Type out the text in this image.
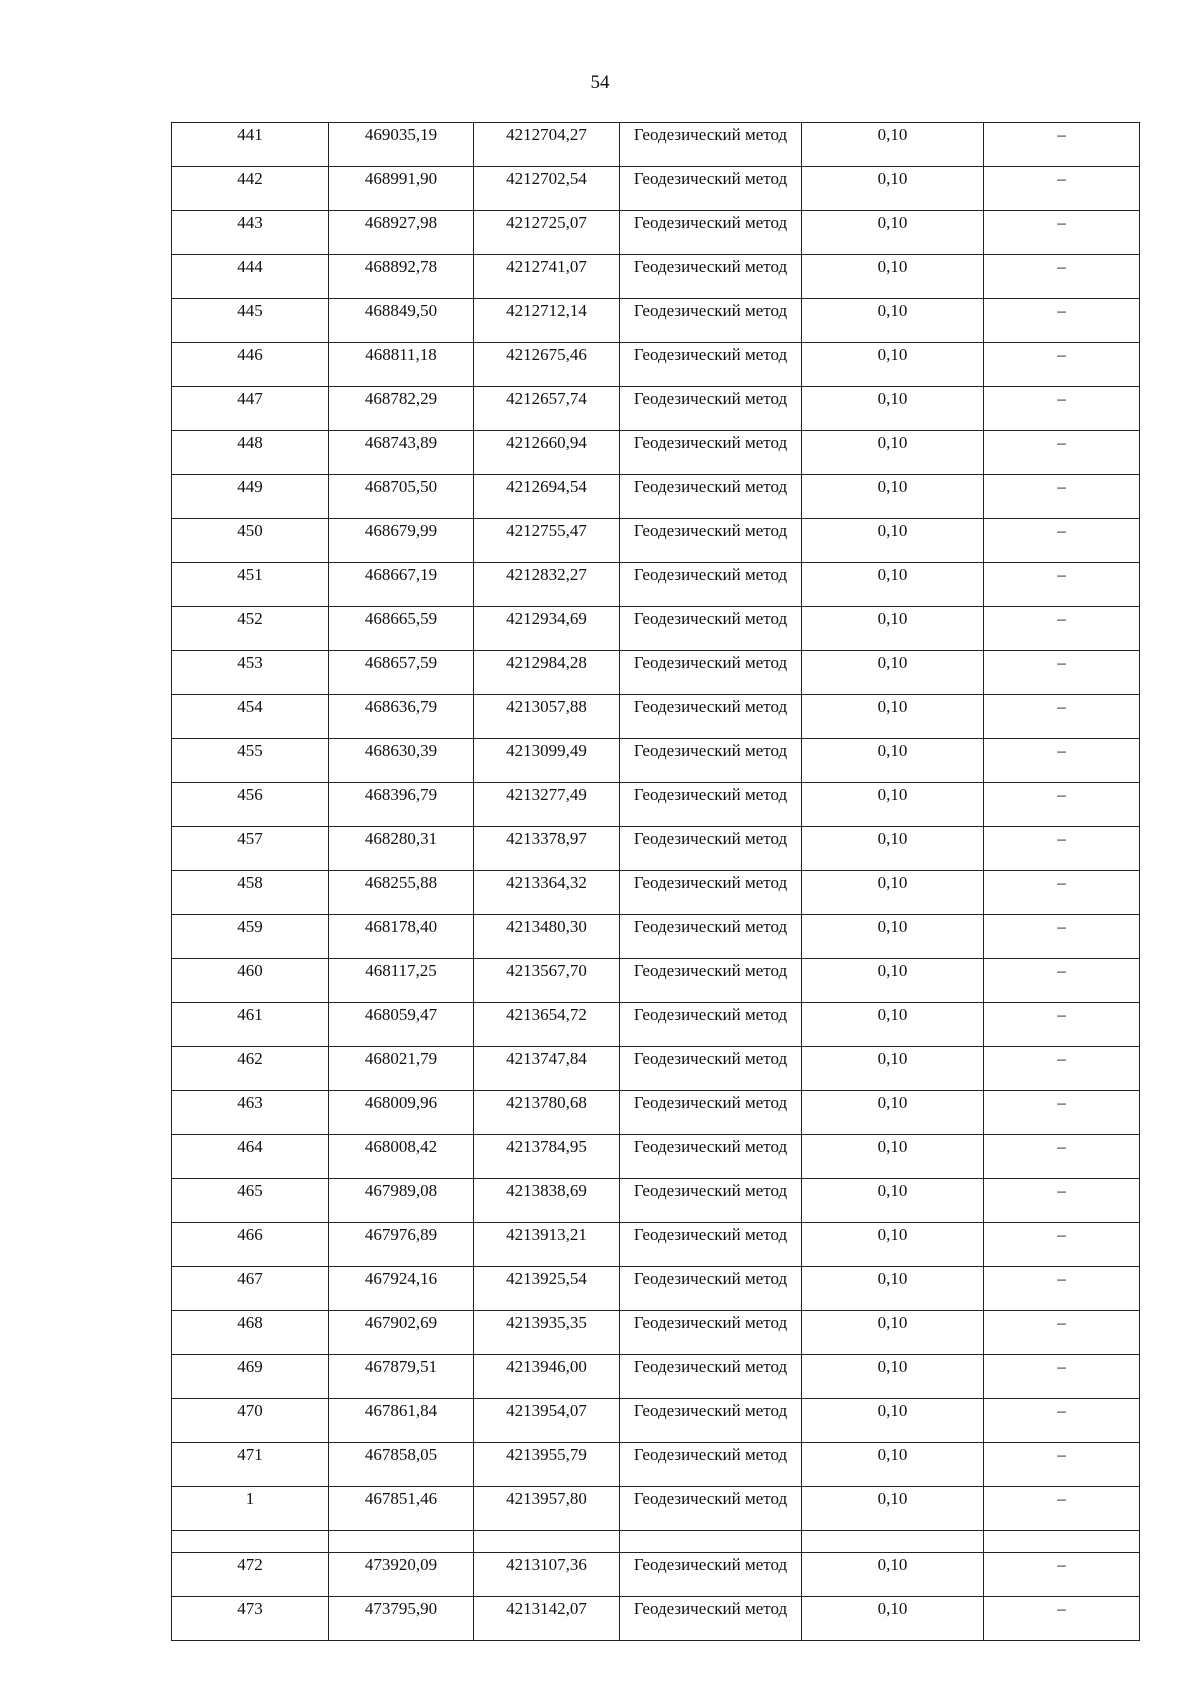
54
441	469035,19	4212704,27	Геодезический метод	0,10	–
442	468991,90	4212702,54	Геодезический метод	0,10	–
443	468927,98	4212725,07	Геодезический метод	0,10	–
444	468892,78	4212741,07	Геодезический метод	0,10	–
445	468849,50	4212712,14	Геодезический метод	0,10	–
446	468811,18	4212675,46	Геодезический метод	0,10	–
447	468782,29	4212657,74	Геодезический метод	0,10	–
448	468743,89	4212660,94	Геодезический метод	0,10	–
449	468705,50	4212694,54	Геодезический метод	0,10	–
450	468679,99	4212755,47	Геодезический метод	0,10	–
451	468667,19	4212832,27	Геодезический метод	0,10	–
452	468665,59	4212934,69	Геодезический метод	0,10	–
453	468657,59	4212984,28	Геодезический метод	0,10	–
454	468636,79	4213057,88	Геодезический метод	0,10	–
455	468630,39	4213099,49	Геодезический метод	0,10	–
456	468396,79	4213277,49	Геодезический метод	0,10	–
457	468280,31	4213378,97	Геодезический метод	0,10	–
458	468255,88	4213364,32	Геодезический метод	0,10	–
459	468178,40	4213480,30	Геодезический метод	0,10	–
460	468117,25	4213567,70	Геодезический метод	0,10	–
461	468059,47	4213654,72	Геодезический метод	0,10	–
462	468021,79	4213747,84	Геодезический метод	0,10	–
463	468009,96	4213780,68	Геодезический метод	0,10	–
464	468008,42	4213784,95	Геодезический метод	0,10	–
465	467989,08	4213838,69	Геодезический метод	0,10	–
466	467976,89	4213913,21	Геодезический метод	0,10	–
467	467924,16	4213925,54	Геодезический метод	0,10	–
468	467902,69	4213935,35	Геодезический метод	0,10	–
469	467879,51	4213946,00	Геодезический метод	0,10	–
470	467861,84	4213954,07	Геодезический метод	0,10	–
471	467858,05	4213955,79	Геодезический метод	0,10	–
1	467851,46	4213957,80	Геодезический метод	0,10	–

472	473920,09	4213107,36	Геодезический метод	0,10	–
473	473795,90	4213142,07	Геодезический метод	0,10	–
